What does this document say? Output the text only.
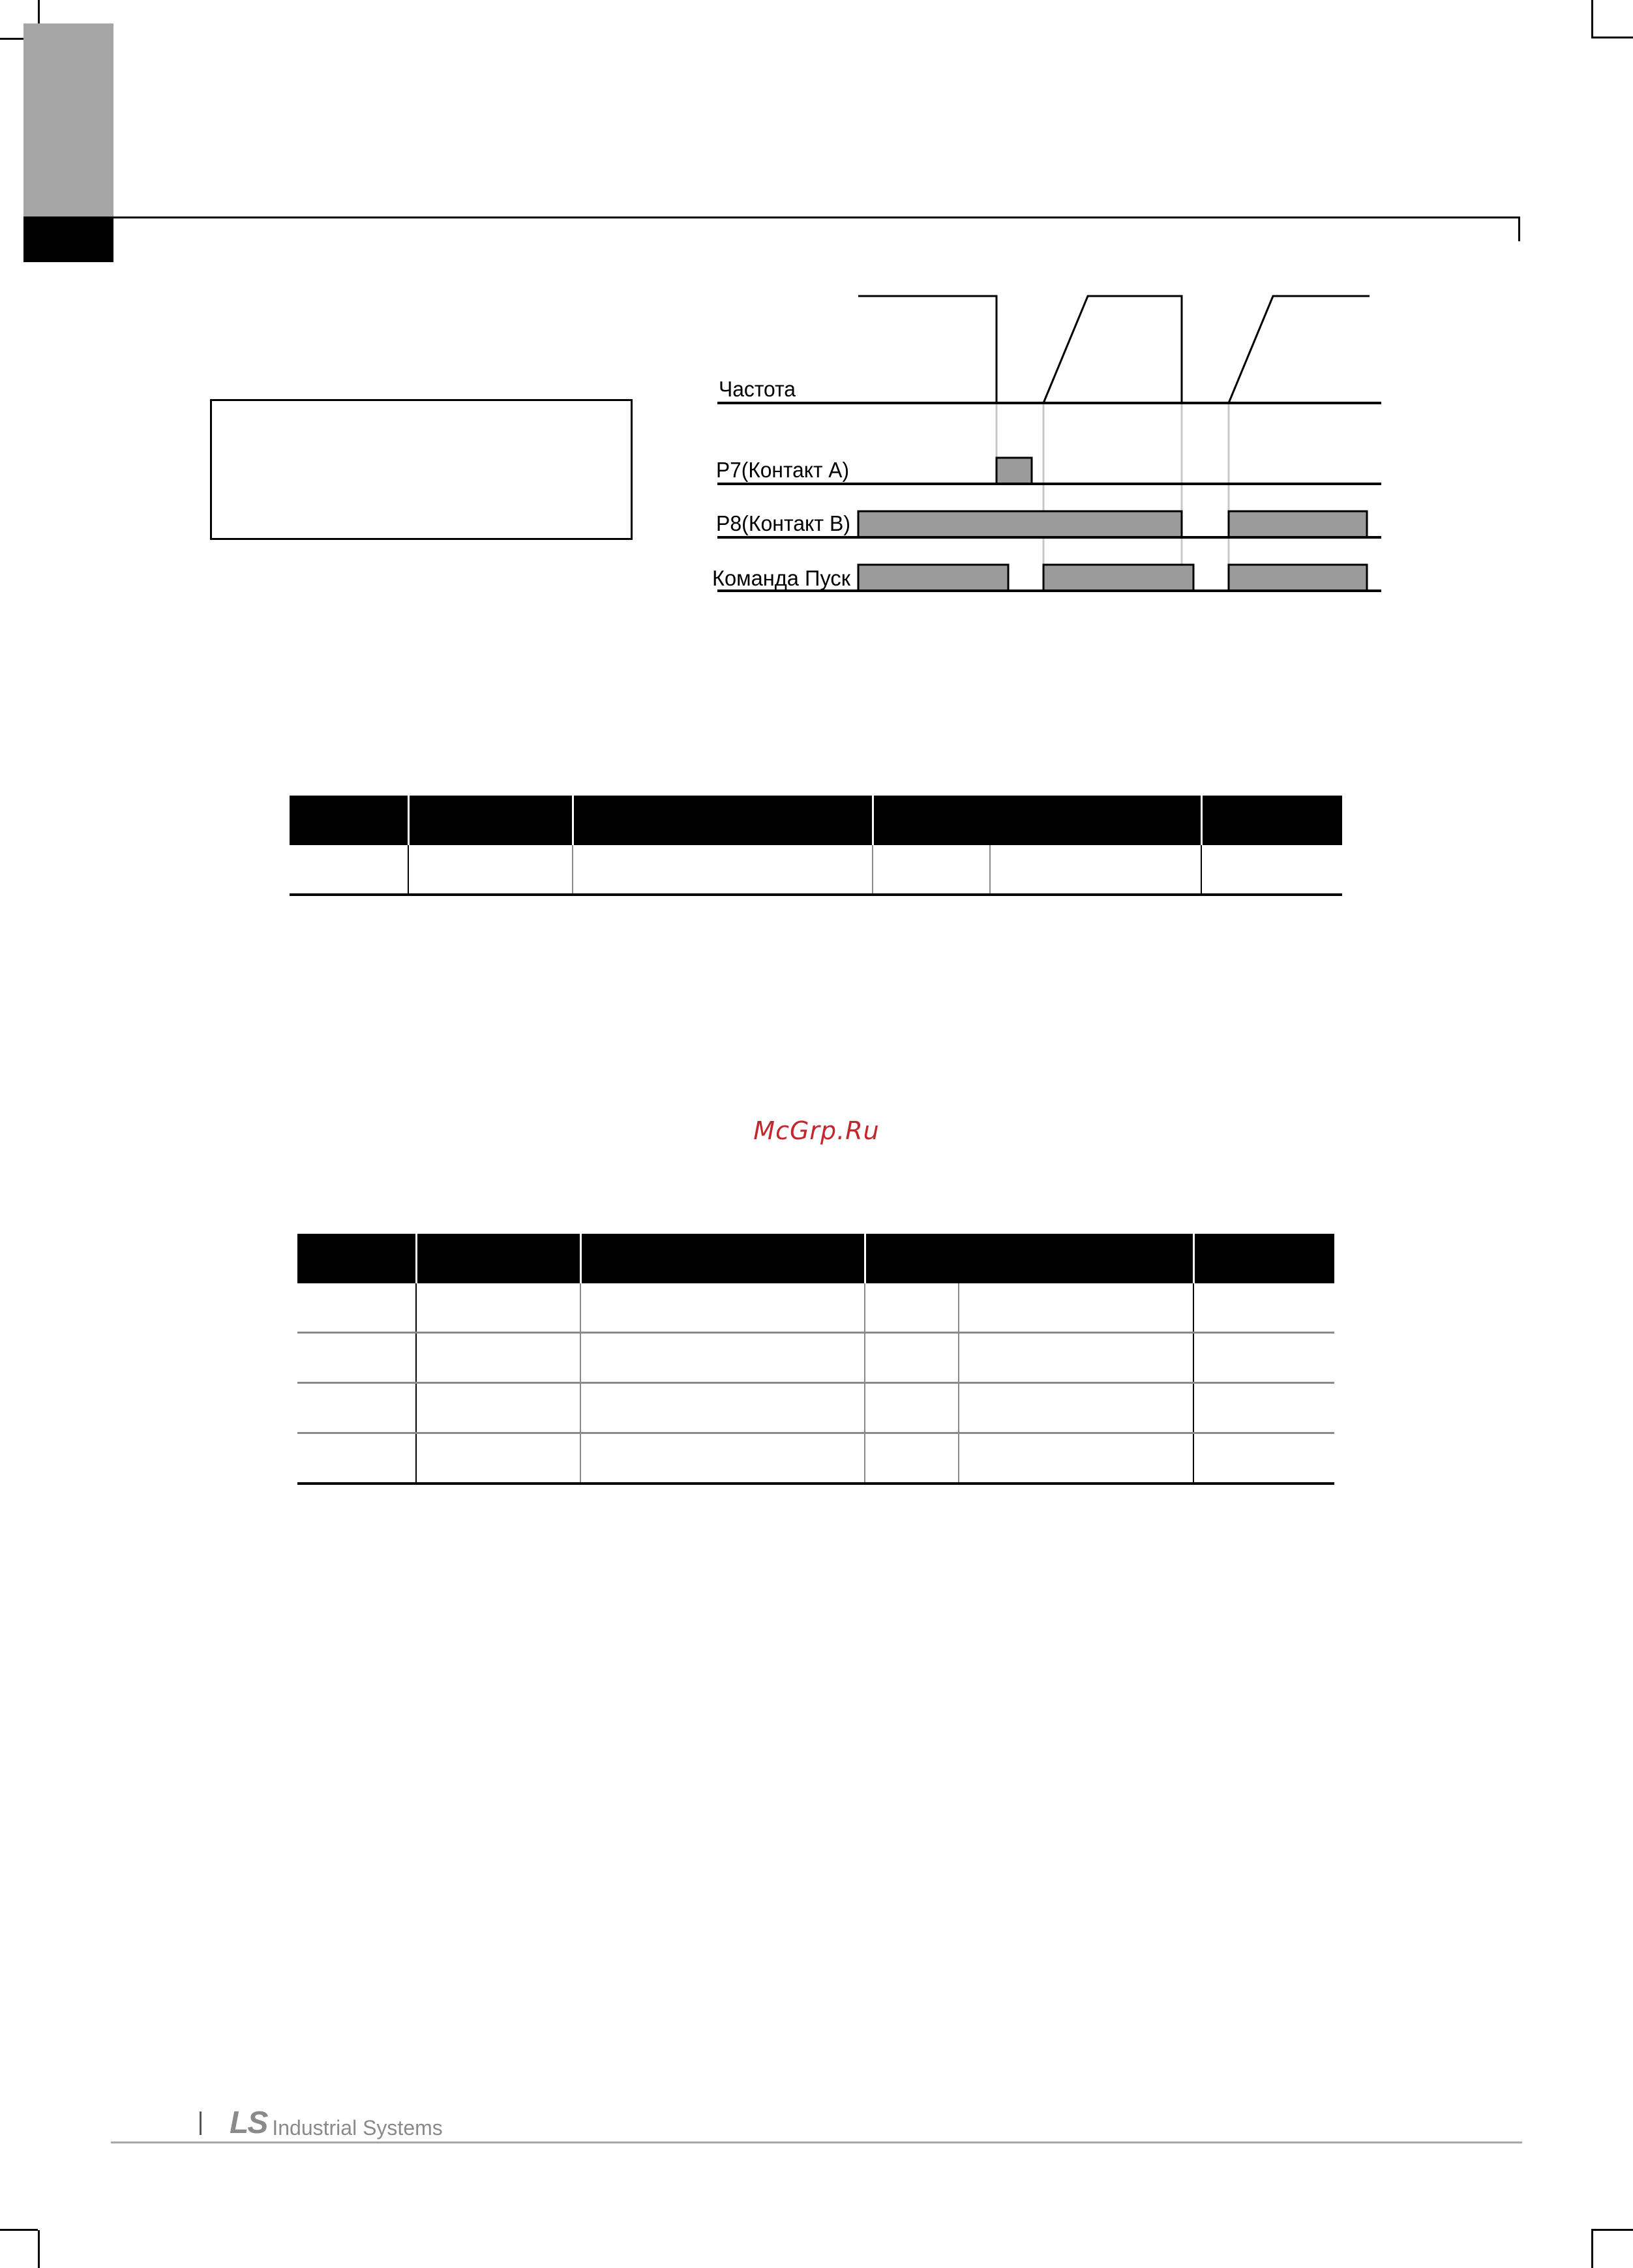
Частота
P7(Контакт A)
P8(Контакт B)
Команда Пуск

McGrp.Ru

LS Industrial Systems
